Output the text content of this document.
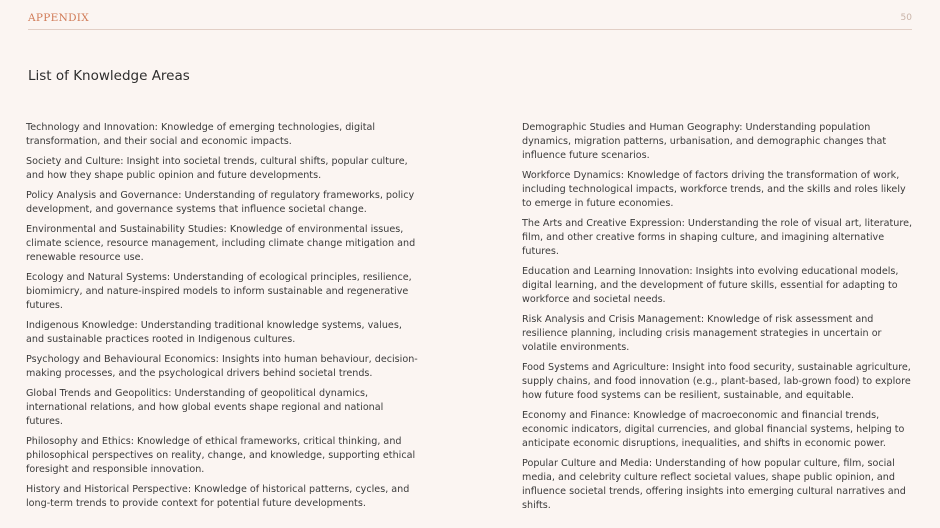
APPENDIX	50
List of Knowledge Areas

Technology and Innovation: Knowledge of emerging technologies, digital transformation, and their social and economic impacts.

Society and Culture: Insight into societal trends, cultural shifts, popular culture, and how they shape public opinion and future developments.

Policy Analysis and Governance: Understanding of regulatory frameworks, policy development, and governance systems that influence societal change.

Environmental and Sustainability Studies: Knowledge of environmental issues, climate science, resource management, including climate change mitigation and renewable resource use.

Ecology and Natural Systems: Understanding of ecological principles, resilience, biomimicry, and nature-inspired models to inform sustainable and regenerative futures.

Indigenous Knowledge: Understanding traditional knowledge systems, values, and sustainable practices rooted in Indigenous cultures.

Psychology and Behavioural Economics: Insights into human behaviour, decision-making processes, and the psychological drivers behind societal trends.

Global Trends and Geopolitics: Understanding of geopolitical dynamics, international relations, and how global events shape regional and national futures.

Philosophy and Ethics: Knowledge of ethical frameworks, critical thinking, and philosophical perspectives on reality, change, and knowledge, supporting ethical foresight and responsible innovation.

History and Historical Perspective: Knowledge of historical patterns, cycles, and long-term trends to provide context for potential future developments.

Demographic Studies and Human Geography: Understanding population dynamics, migration patterns, urbanisation, and demographic changes that influence future scenarios.

Workforce Dynamics: Knowledge of factors driving the transformation of work, including technological impacts, workforce trends, and the skills and roles likely to emerge in future economies.

The Arts and Creative Expression: Understanding the role of visual art, literature, film, and other creative forms in shaping culture, and imagining alternative futures.

Education and Learning Innovation: Insights into evolving educational models, digital learning, and the development of future skills, essential for adapting to workforce and societal needs.

Risk Analysis and Crisis Management: Knowledge of risk assessment and resilience planning, including crisis management strategies in uncertain or volatile environments.

Food Systems and Agriculture: Insight into food security, sustainable agriculture, supply chains, and food innovation (e.g., plant-based, lab-grown food) to explore how future food systems can be resilient, sustainable, and equitable.

Economy and Finance: Knowledge of macroeconomic and financial trends, economic indicators, digital currencies, and global financial systems, helping to anticipate economic disruptions, inequalities, and shifts in economic power.

Popular Culture and Media: Understanding of how popular culture, film, social media, and celebrity culture reflect societal values, shape public opinion, and influence societal trends, offering insights into emerging cultural narratives and shifts.
